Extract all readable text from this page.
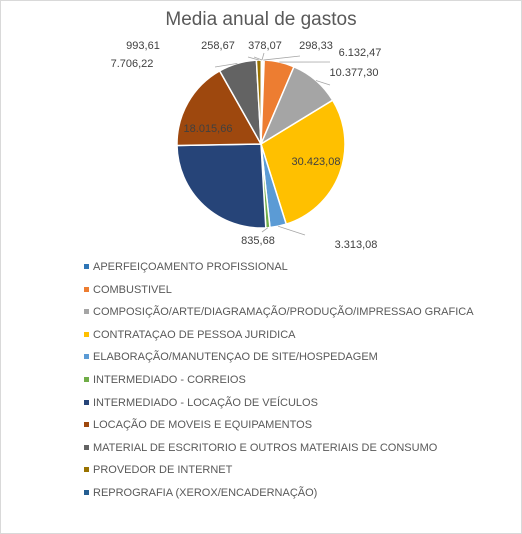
Media anual de gastos
298,33
6.132,47
10.377,30
30.423,08
3.313,08
835,68
18.015,66
7.706,22
993,61	258,67 378,07
APERFEIÇOAMENTO PROFISSIONAL
COMBUSTIVEL
COMPOSIÇÃO/ARTE/DIAGRAMAÇÃO/PRODUÇÃO/IMPRESSAO GRAFICA
CONTRATAÇAO DE PESSOA JURIDICA
ELABORAÇÃO/MANUTENÇAO DE SITE/HOSPEDAGEM
INTERMEDIADO - CORREIOS
INTERMEDIADO - LOCAÇÃO DE VEÍCULOS
LOCAÇÃO DE MOVEIS E EQUIPAMENTOS
MATERIAL DE ESCRITORIO E OUTROS MATERIAIS DE CONSUMO
PROVEDOR DE INTERNET
REPROGRAFIA (XEROX/ENCADERNAÇÃO)
